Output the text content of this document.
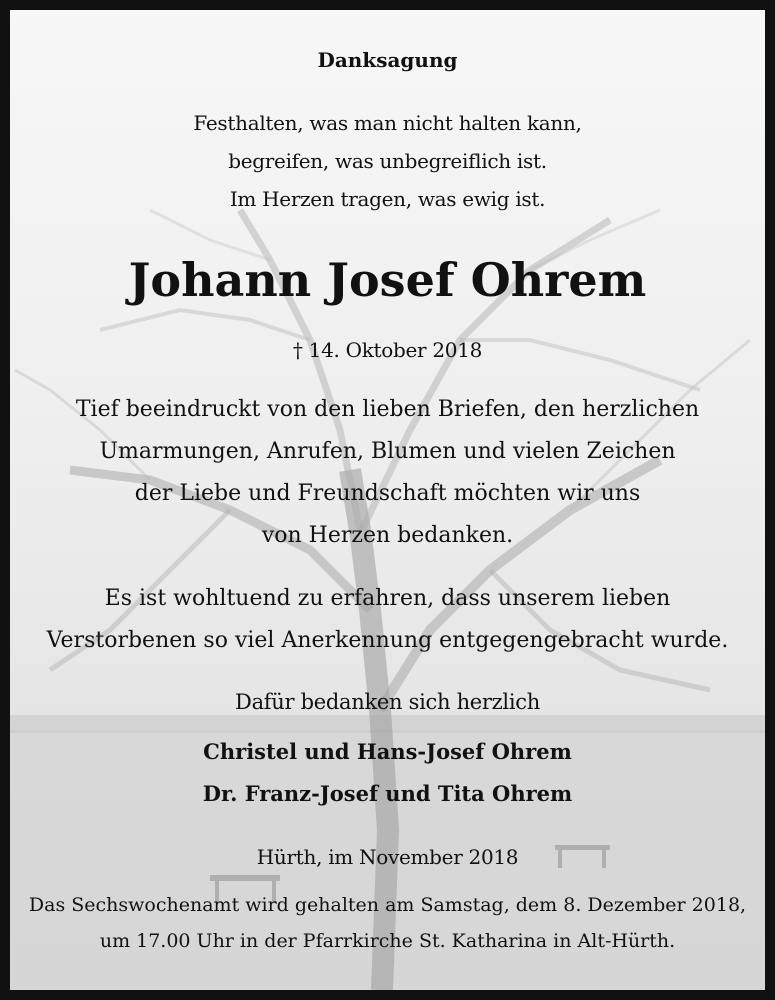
Danksagung
Festhalten, was man nicht halten kann,
begreifen, was unbegreiflich ist.
Im Herzen tragen, was ewig ist.
Johann Josef Ohrem
† 14. Oktober 2018
Tief beeindruckt von den lieben Briefen, den herzlichen
Umarmungen, Anrufen, Blumen und vielen Zeichen
der Liebe und Freundschaft möchten wir uns
von Herzen bedanken.
Es ist wohltuend zu erfahren, dass unserem lieben
Verstorbenen so viel Anerkennung entgegengebracht wurde.
Dafür bedanken sich herzlich
Christel und Hans-Josef Ohrem
Dr. Franz-Josef und Tita Ohrem
Hürth, im November 2018
Das Sechswochenamt wird gehalten am Samstag, dem 8. Dezember 2018,
um 17.00 Uhr in der Pfarrkirche St. Katharina in Alt-Hürth.
